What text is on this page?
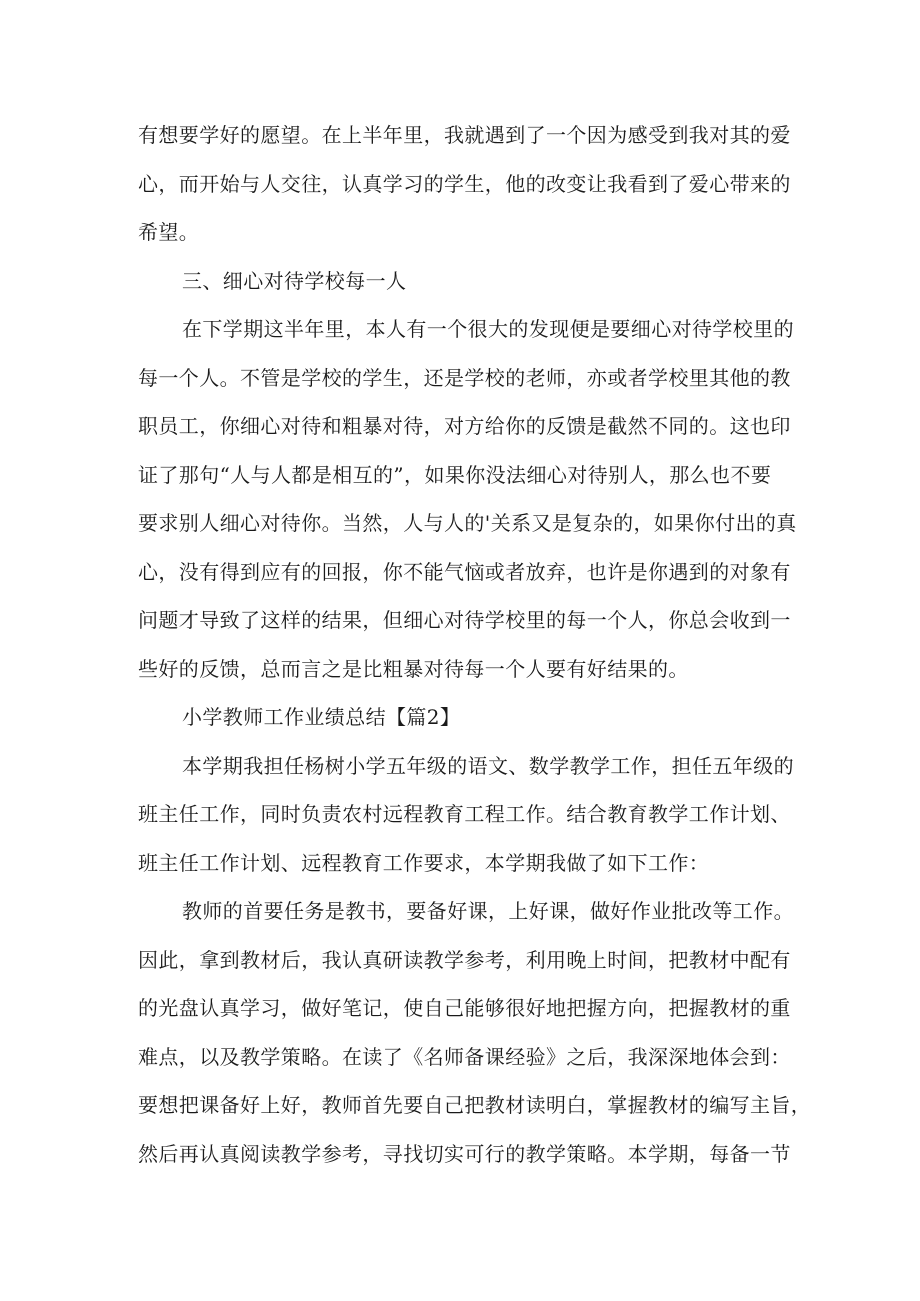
有想要学好的愿望。在上半年里，我就遇到了一个因为感受到我对其的爱
心，而开始与人交往，认真学习的学生，他的改变让我看到了爱心带来的
希望。
三、细心对待学校每一人
在下学期这半年里，本人有一个很大的发现便是要细心对待学校里的
每一个人。不管是学校的学生，还是学校的老师，亦或者学校里其他的教
职员工，你细心对待和粗暴对待，对方给你的反馈是截然不同的。这也印
证了那句“人与人都是相互的”，如果你没法细心对待别人，那么也不要
要求别人细心对待你。当然，人与人的'关系又是复杂的，如果你付出的真
心，没有得到应有的回报，你不能气恼或者放弃，也许是你遇到的对象有
问题才导致了这样的结果，但细心对待学校里的每一个人，你总会收到一
些好的反馈，总而言之是比粗暴对待每一个人要有好结果的。
小学教师工作业绩总结【篇2】
本学期我担任杨树小学五年级的语文、数学教学工作，担任五年级的
班主任工作，同时负责农村远程教育工程工作。结合教育教学工作计划、
班主任工作计划、远程教育工作要求，本学期我做了如下工作：
教师的首要任务是教书，要备好课，上好课，做好作业批改等工作。
因此，拿到教材后，我认真研读教学参考，利用晚上时间，把教材中配有
的光盘认真学习，做好笔记，使自己能够很好地把握方向，把握教材的重
难点，以及教学策略。在读了《名师备课经验》之后，我深深地体会到：
要想把课备好上好，教师首先要自己把教材读明白，掌握教材的编写主旨，
然后再认真阅读教学参考，寻找切实可行的教学策略。本学期，每备一节
